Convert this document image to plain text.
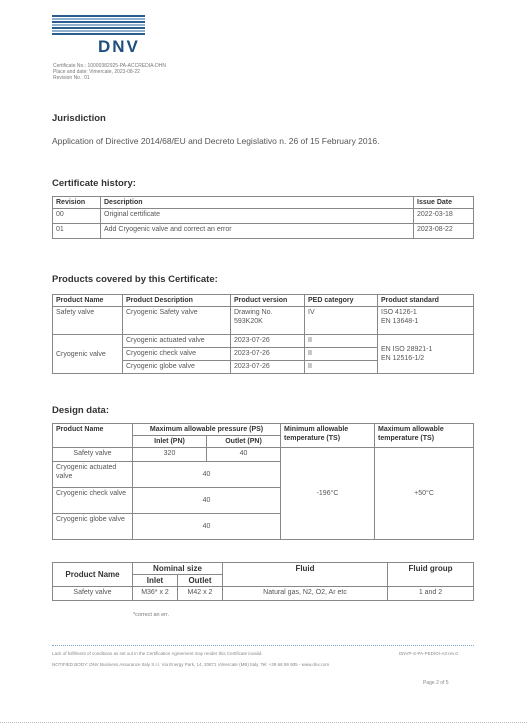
DNV
Certificate No.: 10000382925-PA-ACCREDIA-DHN
Place and date: Vimercate, 2023-08-22
Revision No.: 01
Jurisdiction
Application of Directive 2014/68/EU and Decreto Legislativo n. 26 of 15 February 2016.
Certificate history:
Revision	Description	Issue Date
00	Original certificate	2022-03-18
01	Add Cryogenic valve and correct an error	2023-08-22
Products covered by this Certificate:
Product Name	Product Description	Product version	PED category	Product standard
Safety valve	Cryogenic Safety valve	Drawing No. 593K20K	IV	ISO 4126-1
EN 13648-1

Cryogenic valve	Cryogenic actuated valve	2023-07-26	II	EN ISO 28921-1
EN 12516-1/2

	Cryogenic check valve	2023-07-26	II	
	Cryogenic globe valve	2023-07-26	II	
Design data:
Product Name	Maximum allowable pressure (PS)		Minimum allowable temperature (TS)	Maximum allowable temperature (TS)
	Inlet (PN)	Outlet (PN)		
Safety valve	320	40	-196°C	+50°C
Cryogenic actuated valve	40			
Cryogenic check valve	40			
Cryogenic globe valve	40			
Product Name	Nominal size		Fluid	Fluid group
	Inlet	Outlet		
Safety valve	M36* x 2	M42 x 2	Natural gas, N2, O2, Ar etc	1 and 2
*correct an err.
Lack of fulfilment of conditions as set out in the Certification Agreement may render this Certificate invalid.	DNVP-S-PA-PED/OI-A3 rev.0
NOTIFIED BODY: DNV Business Assurance Italy S.r.l. Via Energy Park, 14, 20871 Vimercate (MB) Italy. Tel: +39 68 99 905 - www.dnv.com
Page 2 of 5
